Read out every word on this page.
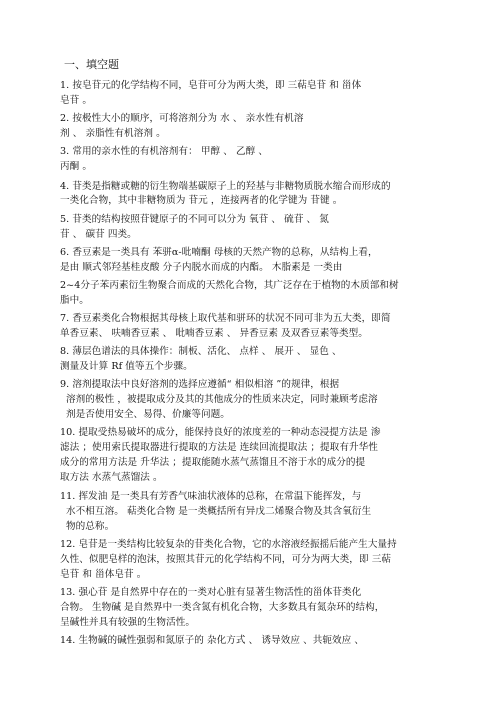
一、填空题
1. 按皂苷元的化学结构不同，皂苷可分为两大类，即 三萜皂苷 和 甾体
皂苷 。
2. 按极性大小的顺序，可将溶剂分为 水 、 亲水性有机溶
剂 、 亲脂性有机溶剂 。
3. 常用的亲水性的有机溶剂有： 甲醇 、 乙醇 、
丙酮 。
4. 苷类是指糖或糖的衍生物端基碳原子上的羟基与非糖物质脱水缩合而形成的
一类化合物，其中非糖物质为 苷元 ，连接两者的化学键为 苷键 。
5. 苷类的结构按照苷键原子的不同可以分为 氧苷 、 硫苷 、 氮
苷 、 碳苷 四类。
6. 香豆素是一类具有 苯骈α-吡喃酮 母核的天然产物的总称，从结构上看，
是由 顺式邻羟基桂皮酸 分子内脱水而成的内酯。 木脂素是 一类由
2~4分子苯丙素衍生物聚合而成的天然化合物，其广泛存在于植物的木质部和树
脂中。
7. 香豆素类化合物根据其母核上取代基和骈环的状况不同可非为五大类，即简
单香豆素、 呋喃香豆素 、 吡喃香豆素 、 异香豆素 及双香豆素等类型。
8. 薄层色谱法的具体操作：制板、活化、 点样 、 展开 、 显色 、
测量及计算 Rf 值等五个步骤。
9. 溶剂提取法中良好溶剂的选择应遵循“ 相似相溶 ”的规律，根据
溶剂的极性 ，被提取成分及其的其他成分的性质来决定，同时兼顾考虑溶
剂是否使用安全、易得、价廉等问题。
10. 提取受热易破坏的成分，能保持良好的浓度差的一种动态浸提方法是 渗
滤法 ；使用索氏提取器进行提取的方法是 连续回流提取法 ；提取有升华性
成分的常用方法是 升华法 ；提取能随水蒸气蒸馏且不溶于水的成分的提
取方法 水蒸气蒸馏法 。
11. 挥发油 是一类具有芳香气味油状液体的总称，在常温下能挥发，与
水不相互溶。 萜类化合物 是一类概括所有异戊二烯聚合物及其含氧衍生
物的总称。
12. 皂苷是一类结构比较复杂的苷类化合物，它的水溶液经振摇后能产生大量持
久性、似肥皂样的泡沫，按照其苷元的化学结构不同，可分为两大类，即 三萜
皂苷 和 甾体皂苷 。
13. 强心苷 是自然界中存在的一类对心脏有显著生物活性的甾体苷类化
合物。 生物碱 是自然界中一类含氮有机化合物，大多数具有氮杂环的结构，
呈碱性并具有较强的生物活性。
14. 生物碱的碱性强弱和氮原子的 杂化方式 、 诱导效应 、共轭效应 、
